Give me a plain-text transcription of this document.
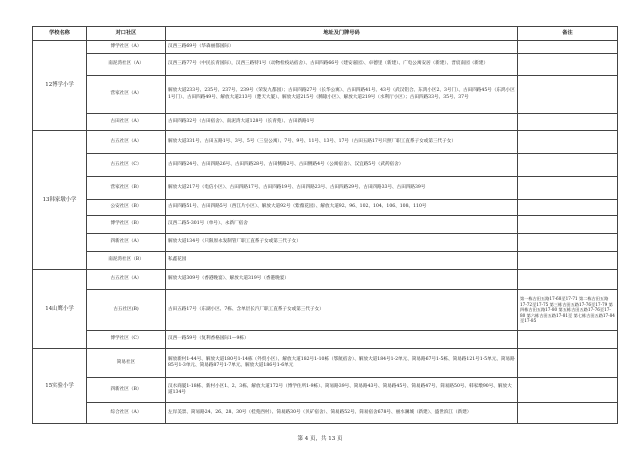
学校名称	对口社区	地址及门牌号码	备注
12博学小学	博学社区（A）	汉西三路69号（华森丽都国际）	
	南泥湾社区（A）	汉西三路77号（中民长青国际），汉西三路特1号（动物检疫站宿舍）、古田四路66号（建安嘉园）、卓德里（新建）、广电公寓安居（新建）、晋宸南园（新建）	
	营家社区（A）	解放大道233号、235号、237号、239号（荣发九都园）；古田四路27号（长华公寓）、古田四路41号、43号（武汉铝合、东鸿小区2、3号门）、古田四路45号（东鸿小区1号门）、古田四路49号、解放大道213号（楚天大厦）、解放大道215号（腾辕小区）、解放大道219号（水利厅小区）；古田四路33号、35号、37号	
	古田社区（A）	古田四路32号（古田宿舍）、南泥湾大道128号（长青苑）、古田新路1号	
13韩家墩小学	古五社区（A）	解放大道331号、古田五路1号、3号、5号（三皇公寓）、7号、9号、11号、13号、17号（古田五路17号只照厂职工直系子女或第三代子女）	
	古五社区（C）	古田四路24号、古田四路26号、古田四路28号、古田侧路2号、古田侧路4号（公寓宿舍）、汉宜路5号（武药宿舍）	
	营家社区（B）	解放大道217号（电信小区）、古田四路17号、古田四路19号、古田四路23号、古田四路29号、古田四路33号、古田四路39号	
	公安社区（B）	古田四路51号、古田四路5号（西江片小区）、解放大道92号（紫薇花园）、解放大道92、96、102、104、106、108、110号	
	博学社区（B）	汉西二路5-301号（单号）、永新厂宿舍	
	四新社区（A）	解放大道134号（只限原永发制管厂职工直系子女或第三代子女）	
	南泥湾社区（B）	私鑫花园	
14山鹰小学	古五社区（A）	解放大道309号（香港晚宴）、解放大道319号（香港晚宴）	
	古五社区(B)	古田五路17号（东湖小区、7栋、含单层长汽厂职工直系子女或第三代子女）	第一栋古田五路17-68至17-71 第二栋古田五路17-72至17-75 第三栋古田五路17-76至17-79 第四栋古田五路17-80 第五栋古田五路17-76至17-80 第六栋古田五路17-81至 第七栋古田五路17-84至17-85
	博学社区（C）	汉西一路59号（复利香格国际1—9栋）	
15实验小学	简易社区	解放新村1-44号、解放大道180号1-14栋（外贸小区）、解放大道182号1-10栋（鄂航宿舍）、解放大道184号1-2单元、简易路67号1-5栋、简易路121号1-5单元、简易路85号1-3单元、简易路87号1-7单元、解放大道186号1-6单元	
	四新社区（B）	汉水商厦1-18栋、新村小区1、2、3栋、解放大道172号（博学住所1-9栋）、简易路39号、简易路43号、简易路45号、简易路47号、简易路50号、韩家墩90号、解放大道134号	
	综合社区（A）	左岸美景、简易路24、26、28、30号（桂苑西村）、简易路30号（贝矿宿舍）、简易路52号、简易宿舍678号、丽水澜城（新建）、盛世滨江（新建）	
第 4 页，共 13 页
